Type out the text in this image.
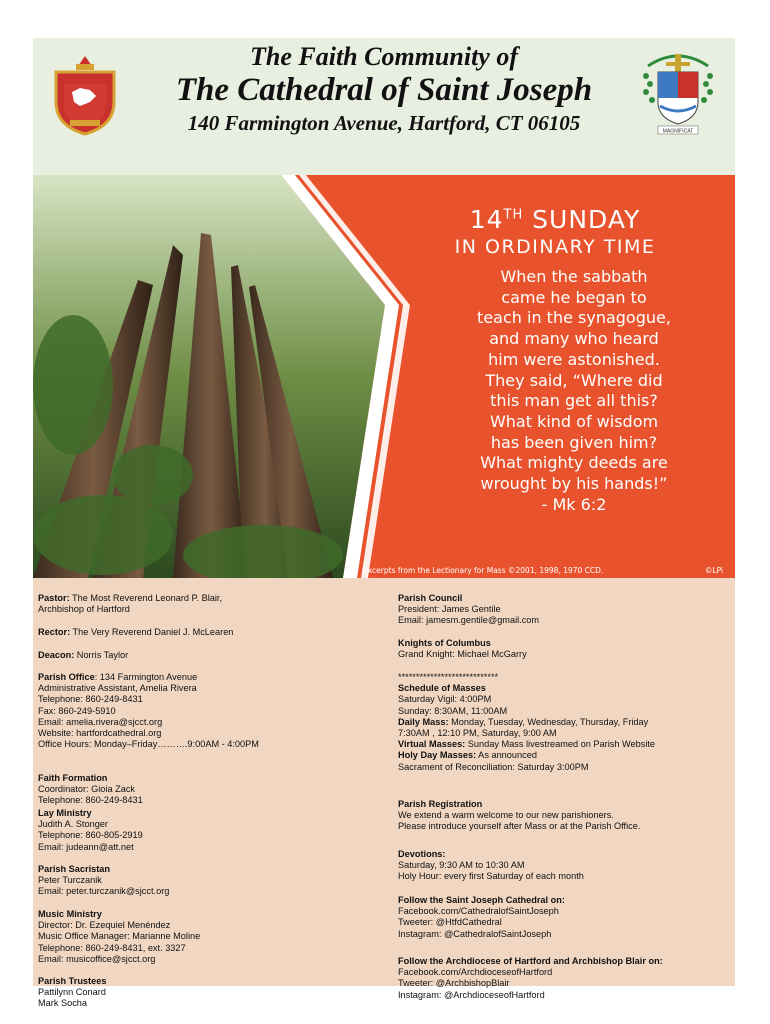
The Faith Community of
The Cathedral of Saint Joseph
140 Farmington Avenue, Hartford, CT 06105	MAGNIFICAT
14TH SUNDAY
IN ORDINARY TIME
When the sabbath
came he began to
teach in the synagogue,
and many who heard
him were astonished.
They said, “Where did
this man get all this?
What kind of wisdom
has been given him?
What mighty deeds are
wrought by his hands!”
- Mk 6:2
Excerpts from the Lectionary for Mass ©2001, 1998, 1970 CCD.	©LPi
Pastor: The Most Reverend Leonard P. Blair,
Archbishop of Hartford
Rector: The Very Reverend Daniel J. McLearen
Deacon: Norris Taylor
Parish Office: 134 Farmington Avenue
Administrative Assistant, Amelia Rivera
Telephone: 860-249-8431
Fax: 860-249-5910
Email: amelia.rivera@sjcct.org
Website: hartfordcathedral.org
Office Hours: Monday–Friday……….9:00AM - 4:00PM
Faith Formation
Coordinator: Gioia Zack
Telephone: 860-249-8431
Lay Ministry
Judith A. Stonger
Telephone: 860-805-2919
Email: judeann@att.net
Parish Sacristan
Peter Turczanik
Email: peter.turczanik@sjcct.org
Music Ministry
Director: Dr. Ezequiel Menéndez
Music Office Manager: Marianne Moline
Telephone: 860-249-8431, ext. 3327
Email: musicoffice@sjcct.org
Parish Trustees
Pattilynn Conard
Mark Socha
Parish Council
President: James Gentile
Email: jamesm.gentile@gmail.com
Knights of Columbus
Grand Knight: Michael McGarry
****************************
Schedule of Masses
Saturday Vigil: 4:00PM
Sunday: 8:30AM, 11:00AM
Daily Mass: Monday, Tuesday, Wednesday, Thursday, Friday
7:30AM , 12:10 PM, Saturday, 9:00 AM
Virtual Masses: Sunday Mass livestreamed on Parish Website
Holy Day Masses: As announced
Sacrament of Reconciliation: Saturday 3:00PM
Parish Registration
We extend a warm welcome to our new parishioners.
Please introduce yourself after Mass or at the Parish Office.
Devotions:
Saturday, 9:30 AM to 10:30 AM
Holy Hour: every first Saturday of each month
Follow the Saint Joseph Cathedral on:
Facebook.com/CathedralofSaintJoseph
Tweeter: @HtfdCathedral
Instagram: @CathedralofSaintJoseph
Follow the Archdiocese of Hartford and Archbishop Blair on:
Facebook.com/ArchdioceseofHartford
Tweeter: @ArchbishopBlair
Instagram: @ArchdioceseofHartford
